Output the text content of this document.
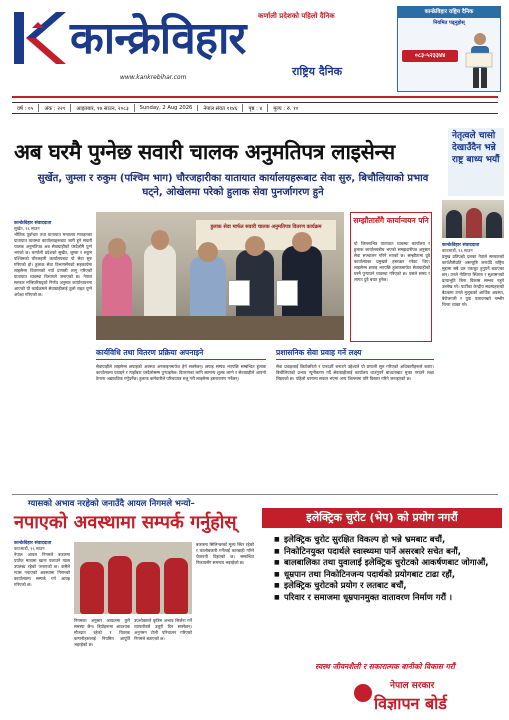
कान्क्रेविहार कर्णाली प्रदेशको पहिलो दैनिक
राष्ट्रिय दैनिक
www.kankrebihar.com
कान्क्रेविहार राष्ट्रिय दैनिक
नियमित पढ्नुहोस्
०८३-५२३३४४
वर्ष : ०५	अंक : २२१	आइतबार, १७ साउन, २०८३	Sunday, 2 Aug 2026	नेपाल संवत ११४६	पृष्ठ : ४	मूल्य : रु. १०
अब घरमै पुग्नेछ सवारी चालक अनुमतिपत्र लाइसेन्स
सुर्खेत, जुम्ला र रुकुम (पश्चिम भाग) चौरजहारीका यातायात कार्यालयहरूबाट सेवा सुरु, बिचौलियाको प्रभाव घट्ने, ओखेलमा परेको हुलाक सेवा पुनर्जागरण हुने
नेतृत्वले चासो देखाउँदैन भन्ने राष्ट्र बाध्य भयौं
कान्क्रेविहार संवाददाता
सुर्खेत, १६ साउन
भौतिक पूर्वाधार तथा यातायात मन्त्रालय मातहतका यातायात व्यवस्था कार्यालयहरूबाट जारी हुने सवारी चालक अनुमतिपत्र अब सेवाग्राहीको घरदैलोमै पुग्ने भएको छ। कर्णाली प्रदेशको सुर्खेत, जुम्ला र रुकुम पश्चिमको चौरजहारी कार्यालयबाट यो सेवा सुरु गरिएको हो। हुलाक सेवा विभागसँगको सहकार्यमा लाइसेन्स वितरणको नयाँ प्रणाली लागू गरिएको यातायात व्यवस्था विभागले जनाएको छ। नेपाल सरकार मन्त्रिपरिषद्को निर्णय अनुसार कार्यान्वयनमा आएको यो कार्यक्रमले सेवाग्राहीलाई ठूलो राहत पुग्ने अपेक्षा गरिएको छ।
हुलाक सेवा मार्फत सवारी चालक अनुमतिपत्र वितरण कार्यक्रम
सम्झौतासँगै कार्यान्वयन पनि
यो जिल्लाभित्र यातायात व्यवस्था कार्यालय र हुलाक कार्यालयबीच भएको समझदारीपत्र अनुसार सेवा सञ्चालन गरिने भएको छ। सम्झौतामा दुवै कार्यालयका प्रमुखले हस्ताक्षर गरेका थिए। लाइसेन्स छपाइ भएपछि हुलाकमार्फत सेवाग्राहीको घरमै पुऱ्याउने व्यवस्था गरिएको छ। यसले समय र लागत दुवै बचत हुनेछ।
कान्क्रेविहार संवाददाता
काठमाडौं, १६ साउन
प्रमुख प्रतिपक्षी दलका नेताले सरकारको कार्यशैलीप्रति असन्तुष्टि जनाउँदै राष्ट्रिय मुद्दामा सबै दल एकजुट हुनुपर्ने बताएका छन्। उनले नीतिगत स्थिरता र सुशासनको प्रत्याभूति बिना विकास सम्भव नहुने उल्लेख गरे। पार्टीका केन्द्रीय सदस्यहरूको बैठकमा उनले मुलुकको आर्थिक अवस्था, बेरोजगारी र युवा पलायनबारे गम्भीर चिन्ता व्यक्त गरे।
कार्यविधि तथा वितरण प्रक्रिया अपनाइने
सेवाग्राहीले लाइसेन्स छपाइको अवस्था अनलाइनमार्फत हेर्न सक्नेछन्। छपाइ सम्पन्न भएपछि सम्बन्धित हुलाक कार्यालयमा पठाइने र त्यहाँबाट घरदैलोसम्म पुऱ्याइनेछ। वितरणका लागि सामान्य शुल्क लाग्ने र सेवाग्राहीले आफ्नो ठेगाना अद्यावधिक गर्नुपर्नेछ। हुलाक कर्मचारीले परिचयपत्र रुजु गरी लाइसेन्स हस्तान्तरण गर्नेछन्।
प्रशासनिक सेवा प्रवाह गर्ने लक्ष्य
सेवा प्रवाहलाई छिटोछरितो र पारदर्शी बनाउने उद्देश्यले यो प्रणाली सुरु गरिएको अधिकारीहरूले बताए। बिचौलियाको प्रभाव न्यूनीकरण गर्दै सेवाग्राहीलाई कार्यालय धाउनुपर्ने बाध्यताबाट मुक्त गराउने लक्ष्य लिइएको छ। पहिलो चरणमा सफल भएमा अन्य जिल्लामा पनि विस्तार गरिने जनाइएको छ।
ग्यासको अभाव नरहेको जनाउँदै आयल निगमले भन्यो–
नपाएको अवस्थामा सम्पर्क गर्नुहोस्
कान्क्रेविहार संवाददाता
काठमाडौं, १६ साउन
नेपाल आयल निगमले बजारमा पर्याप्त मात्रामा खाना पकाउने ग्यास उपलब्ध रहेको जनाएको छ। कसैले ग्यास नपाएको अवस्थामा निगमको कार्यालयमा सम्पर्क गर्न आग्रह गरिएको छ।
निगमका अनुसार आयातमा कुनै समस्या छैन। डिपोहरूमा आवश्यक मौज्दात रहेको र वितरक कम्पनीहरूलाई नियमित आपूर्ति भइरहेको छ।
उपभोक्ताले कृत्रिम अभाव सिर्जना गर्ने व्यापारीबारे उजुरी दिन सक्नेछन्। अनुगमन टोली परिचालन गरिएको निगमले बताएको छ।
बजारमा सिलिन्डरको मूल्य स्थिर रहेको र कालोबजारी गर्नेलाई कारबाही गरिने चेतावनी दिइएको छ। सम्बन्धित निकायसँग समन्वय भइरहेको छ।
इलेक्ट्रिक चुरोट (भेप) को प्रयोग नगरौं
■ इलेक्ट्रिक चुरोट सुरक्षित विकल्प हो भन्ने भ्रमबाट बचौं,
■ निकोटिनयुक्त पदार्थले स्वास्थ्यमा पार्ने असरबारे सचेत बनौं,
■ बालबालिका तथा युवालाई इलेक्ट्रिक चुरोटको आकर्षणबाट जोगाऔं,
■ धूम्रपान तथा निकोटिनजन्य पदार्थको प्रयोगबाट टाढा रहौं,
■ इलेक्ट्रिक चुरोटको प्रयोग र लतबाट बचौं,
■ परिवार र समाजमा धूम्रपानमुक्त वातावरण निर्माण गरौं ।
स्वस्थ जीवनशैली र सकारात्मक बानीको विकास गरौं
नेपाल सरकार
विज्ञापन बोर्ड
